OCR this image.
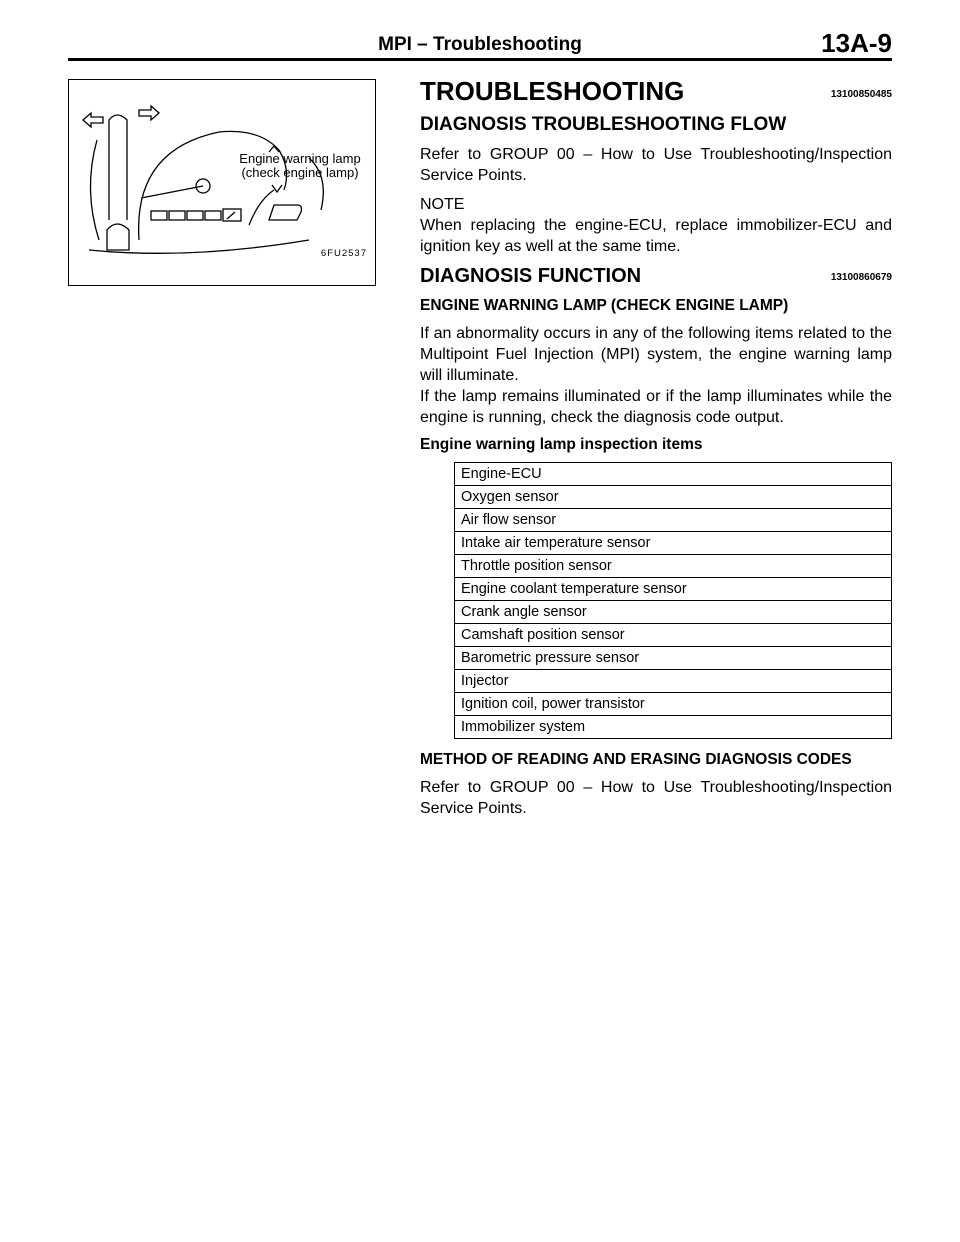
MPI – Troubleshooting	13A-9
Engine warning lamp
(check engine lamp)
6FU2537
TROUBLESHOOTING	13100850485
DIAGNOSIS TROUBLESHOOTING FLOW

Refer to GROUP 00 – How to Use Troubleshooting/Inspection Service Points.

NOTE

When replacing the engine-ECU, replace immobilizer-ECU and ignition key as well at the same time.

DIAGNOSIS FUNCTION	13100860679
ENGINE WARNING LAMP (CHECK ENGINE LAMP)

If an abnormality occurs in any of the following items related to the Multipoint Fuel Injection (MPI) system, the engine warning lamp will illuminate.

If the lamp remains illuminated or if the lamp illuminates while the engine is running, check the diagnosis code output.

Engine warning lamp inspection items
Engine-ECU
Oxygen sensor
Air flow sensor
Intake air temperature sensor
Throttle position sensor
Engine coolant temperature sensor
Crank angle sensor
Camshaft position sensor
Barometric pressure sensor
Injector
Ignition coil, power transistor
Immobilizer system
METHOD OF READING AND ERASING DIAGNOSIS CODES

Refer to GROUP 00 – How to Use Troubleshooting/Inspection Service Points.
